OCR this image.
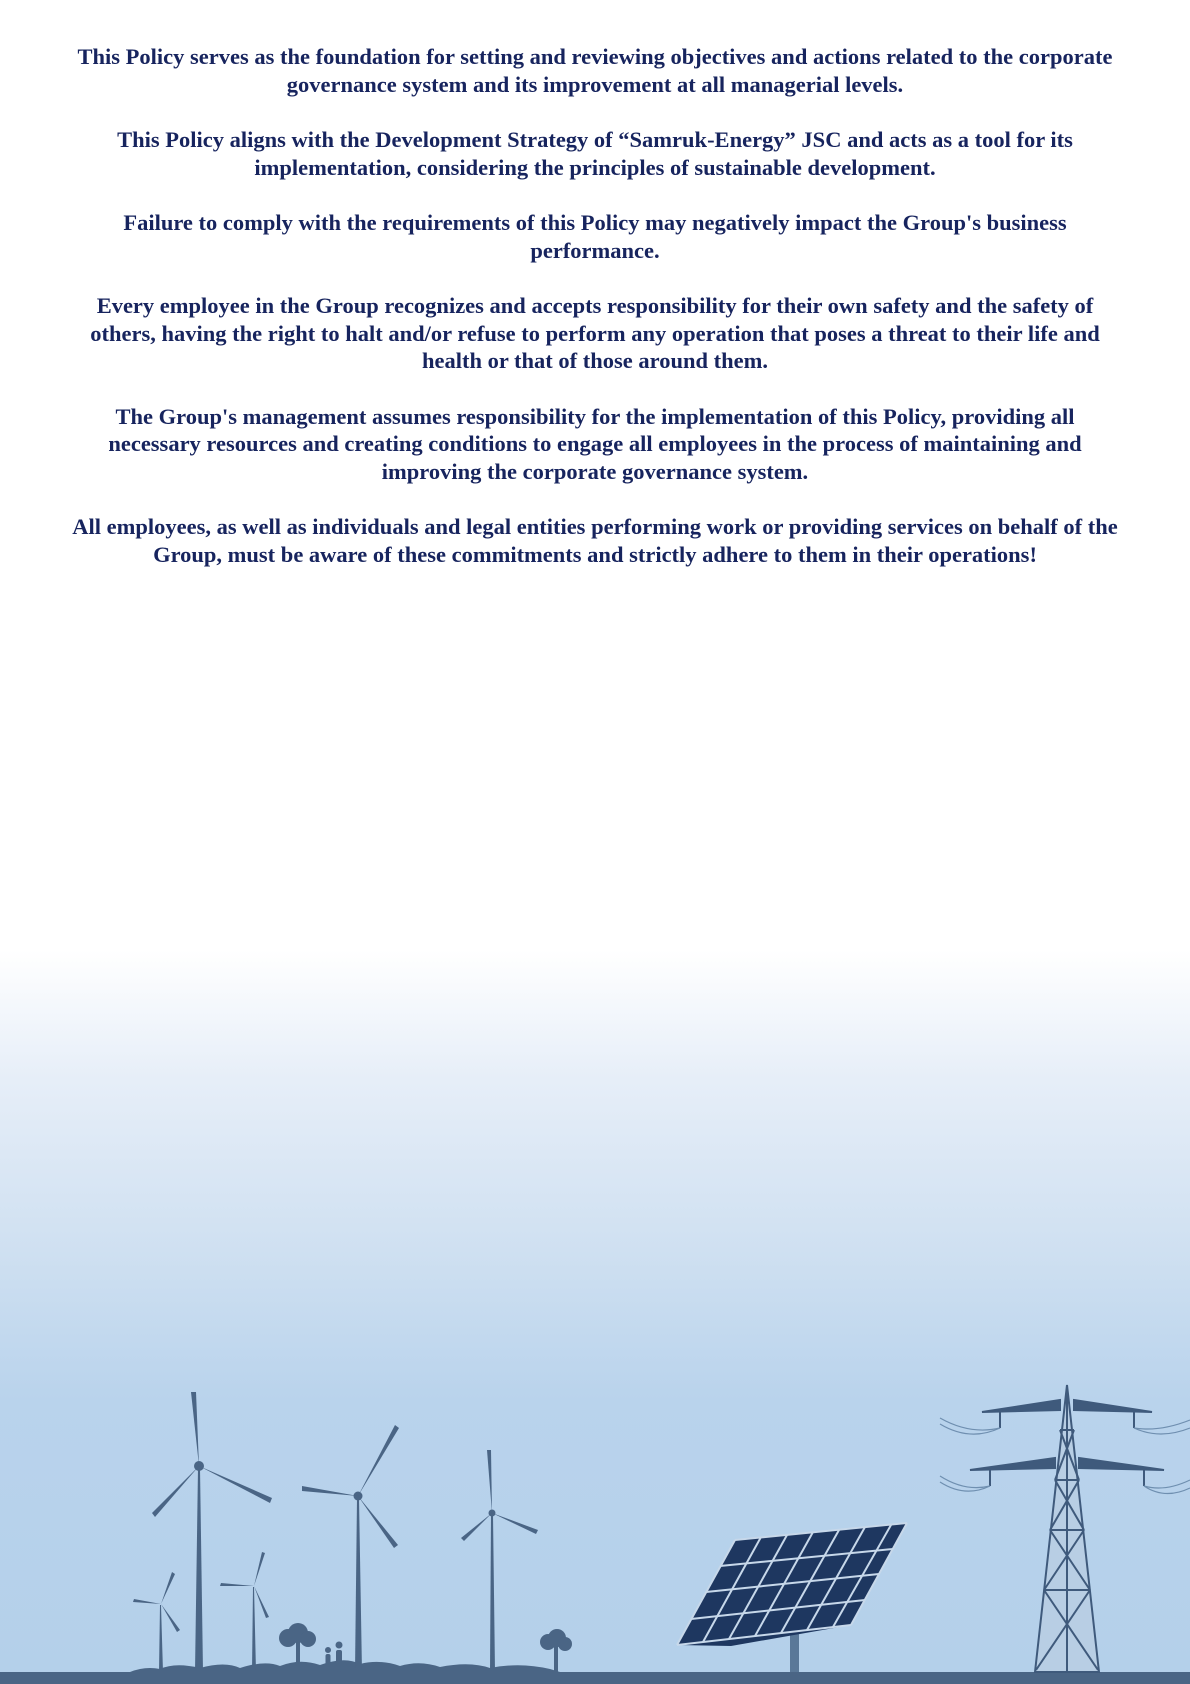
This Policy serves as the foundation for setting and reviewing objectives and actions related to the corporate governance system and its improvement at all managerial levels.

This Policy aligns with the Development Strategy of “Samruk-Energy” JSC and acts as a tool for its implementation, considering the principles of sustainable development.

Failure to comply with the requirements of this Policy may negatively impact the Group's business performance.

Every employee in the Group recognizes and accepts responsibility for their own safety and the safety of others, having the right to halt and/or refuse to perform any operation that poses a threat to their life and health or that of those around them.

The Group's management assumes responsibility for the implementation of this Policy, providing all necessary resources and creating conditions to engage all employees in the process of maintaining and improving the corporate governance system.

All employees, as well as individuals and legal entities performing work or providing services on behalf of the Group, must be aware of these commitments and strictly adhere to them in their operations!
